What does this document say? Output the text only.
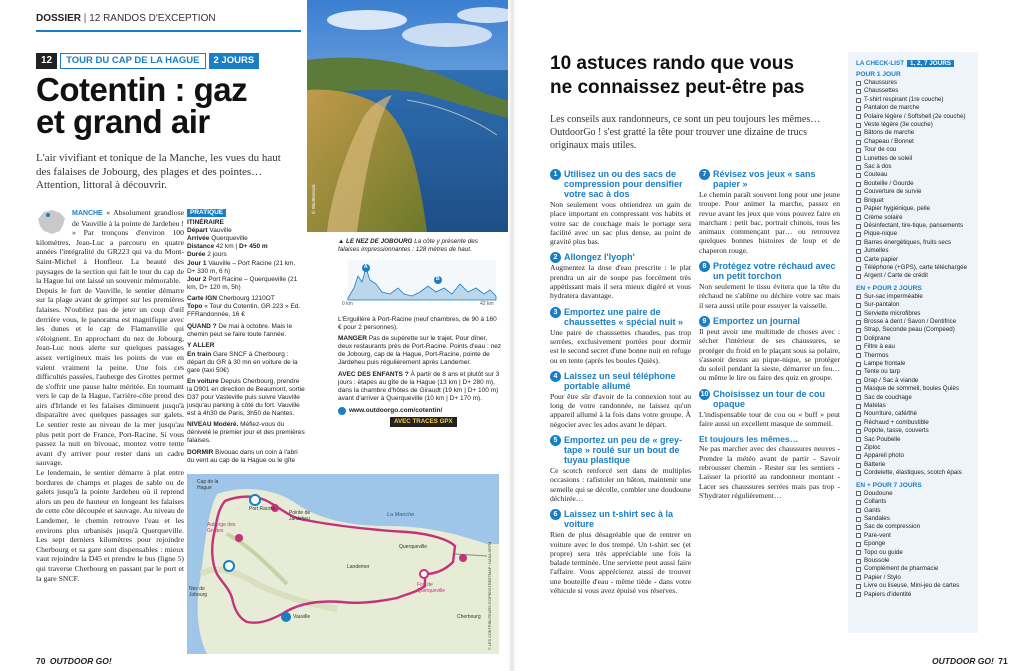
DOSSIER | 12 RANDOS D'EXCEPTION
12	TOUR DU CAP DE LA HAGUE	2 JOURS
Cotentin : gaz
et grand air
L'air vivifiant et tonique de la Manche, les vues du haut des falaises de Jobourg, des plages et des pointes… Attention, littoral à découvrir.	© Shutterstock
▲ LE NEZ DE JOBOURG La côte y présente des falaises impressionnantes : 128 mètres de haut.
A
B
0 km	42 km
MANCHE « Absolument grandiose de Vauville à la pointe de Jardeheu ! » Par tronçons d'environ 100 kilomètres, Jean-Luc a parcouru en quatre années l'intégralité du GR223 qui va du Mont-Saint-Michel à Honfleur. La beauté des paysages de la section qui fait le tour du cap de la Hague lui ont laissé un souvenir mémorable.
Depuis le fort de Vauville, le sentier démarre sur la plage avant de grimper sur les premières falaises. N'oubliez pas de jeter un coup d'œil derrière vous, le panorama est magnifique avec les dunes et le cap de Flamanville qui s'éloignent. En approchant du nez de Jobourg, Jean-Luc nous alerte sur quelques passages assez vertigineux mais les points de vue en valent vraiment la peine. Une fois ces difficultés passées, l'auberge des Grottes permet de s'offrir une pause halte méritée. En tournant vers le cap de la Hague, l'arrière-côte prend des airs d'Irlande et les falaises diminuent jusqu'à disparaître avec quelques passages sur galets. Le sentier reste au niveau de la mer jusqu'au plus petit port de France, Port-Racine. Si vous passez la nuit en bivouac, montez votre tente avant d'y arriver pour rester dans un cadre sauvage.
Le lendemain, le sentier démarre à plat entre bordures de champs et plages de sable ou de galets jusqu'à la pointe Jardeheu où il reprend alors un peu de hauteur en longeant les falaises de cette côte découpée et sauvage. Au niveau de Landemer, le chemin retrouve l'eau et les environs plus urbanisés jusqu'à Querqueville. Les sept derniers kilomètres pour rejoindre Cherbourg et sa gare sont dispensables : mieux vaut rejoindre la D45 et prendre le bus (ligne 5) qui traverse Cherbourg en passant par le port et la gare SNCF.
PRATIQUE
ITINÉRAIRE
Départ Vauville
Arrivée Querqueville
Distance 42 km | D+ 450 m
Durée 2 jours
Jour 1 Vauville – Port Racine (21 km, D+ 330 m, 6 h)
Jour 2 Port Racine – Querqueville (21 km, D+ 120 m, 5h)
Carte IGN Cherbourg 1210OT
Topo « Tour du Cotentin, GR 223 » Ed. FFRandonnée, 16 €
QUAND ? De mai à octobre. Mais le chemin peut se faire toute l'année.
Y ALLER
En train Gare SNCF à Cherbourg : départ du GR à 30 mn en voiture de la gare (taxi 50€)
En voiture Depuis Cherbourg, prendre la D901 en direction de Beaumont, sortie D37 pour Vasteville puis suivre Vauville jusqu'au parking à côté du fort. Vauville est à 4h30 de Paris, 3h50 de Nantes.
NIVEAU Modéré. Méfiez-vous du dénivelé le premier jour et des premières falaises.
DORMIR Bivouac dans un coin à l'abri du vent au cap de la Hague ou le gîte
L'Erguillère à Port-Racine (neuf chambres, de 90 à 160 € pour 2 personnes).
MANGER Pas de supérette sur le trajet. Pour dîner, deux restaurants près de Port-Racine. Points d'eau : nez de Jobourg, cap de la Hague, Port-Racine, pointe de Jardeheu puis régulièrement après Landemer.
AVEC DES ENFANTS ? À partir de 8 ans et plutôt sur 3 jours : étapes au gîte de la Hague (13 km | D+ 280 m), dans la chambre d'hôtes de Giraudt (19 km | D+ 100 m) avant d'arriver à Querqueville (10 km | D+ 170 m).
www.outdoorgo.com/cotentin/
AVEC TRACES GPX
Cap de la Hague
Port Racine
Pointe de Jardeheu
La Manche
Querqueville
Landemer
Fort de Querqueville
Nez de Jobourg
Auberge des Grottes
Vauville	Cherbourg © LES CONTRIBUTEURS D'OPENSTREETMAP / NASA SRTM
70 OUTDOOR GO!
10 astuces rando que vous
ne connaissez peut-être pas
Les conseils aux randonneurs, ce sont un peu toujours les mêmes… OutdoorGo ! s'est gratté la tête pour trouver une dizaine de trucs originaux mais utiles.
1 Utilisez un ou des sacs de compression pour densifier votre sac à dos
Non seulement vous obtiendrez un gain de place important en compressant vos habits et votre sac de couchage mais le portage sera facilité avec un sac plus dense, au point de gravité plus bas.
2 Allongez l'lyoph'
Augmentez la dose d'eau prescrite : le plat prendra un air de soupe pas forcément très appétissant mais il sera mieux digéré et vous hydratera davantage.
3 Emportez une paire de chaussettes « spécial nuit »
Une paire de chaussettes chaudes, pas trop serrées, exclusivement portées pour dormir est le second secret d'une bonne nuit en refuge ou en tente (après les boules Quiès).
4 Laissez un seul téléphone portable allumé
Pour être sûr d'avoir de la connexion tout au long de votre randonnée, ne laissez qu'un appareil allumé à la fois dans votre groupe. À négocier avec les ados avant le départ.
5 Emportez un peu de « grey-tape » roulé sur un bout de tuyau plastique
Ce scotch renforcé sert dans de multiples occasions : rafistoler un bâton, maintenir une semelle qui se décolle, combler une doudoune déchirée…
6 Laissez un t-shirt sec à la voiture
Rien de plus désagréable que de rentrer en voiture avec le dos trempé. Un t-shirt sec (et propre) sera très appréciable une fois la balade terminée. Une serviette peut aussi faire l'affaire. Vous apprécierez aussi de trouver une bouteille d'eau - même tiède - dans votre véhicule si vous avez épuisé vos réserves.
7 Révisez vos jeux « sans papier »
Le chemin paraît souvent long pour une jeune troupe. Pour animer la marche, passez en revue avant les jeux que vous pouvez faire en marchant : petit bac, portrait chinois, tous les animaux commençant par… ou retrouvez quelques bonnes histoires de loup et de chaperon rouge.
8 Protégez votre réchaud avec un petit torchon
Non seulement le tissu évitera que la tête du réchaud ne s'abîme ou déchire votre sac mais il sera aussi utile pour essuyer la vaisselle.
9 Emportez un journal
Il peut avoir une multitude de choses avec : sécher l'intérieur de ses chaussures, se protéger du froid en le plaçant sous sa polaire, s'asseoir dessus au pique-nique, se protéger du soleil pendant la sieste, démarrer un feu… ou même le lire ou faire des quiz en groupe.
10 Choisissez un tour de cou opaque
L'indispensable tour de cou ou « buff » peut faire aussi un excellent masque de sommeil.
Et toujours les mêmes…
Ne pas marcher avec des chaussures neuves - Prendre la météo avant de partir - Savoir rebrousser chemin - Rester sur les sentiers - Laisser la priorité au randonneur montant - Lacer ses chaussures serrées mais pas trop - S'hydrater régulièrement…
LA CHECK-LIST 1, 2, 7 JOURS
POUR 1 JOUR
Chaussures
Chaussettes
T-shirt respirant (1re couche)
Pantalon de marche
Polaire légère / Softshell (2e couche)
Veste légère (3e couche)
Bâtons de marche
Chapeau / Bonnet
Tour de cou
Lunettes de soleil
Sac à dos
Couteau
Bouteille / Gourde
Couverture de survie
Briquet
Papier hygiénique, pelle
Crème solaire
Désinfectant, tire-tique, pansements
Pique-nique
Barres énergétiques, fruits secs
Jumelles
Carte papier
Téléphone (+GPS), carte téléchargée
Argent / Carte de crédit
EN + POUR 2 JOURS
Sur-sac imperméable
Sur-pantalon
Serviette microfibres
Brosse à dent / Savon / Dentifrice
Strap, Seconde peau (Compeed)
Doliprane
Filtre à eau
Thermos
Lampe frontale
Tente ou tarp
Drap / Sac à viande
Masque de sommeil, boules Quiès
Sac de couchage
Matelas
Nourriture, café/thé
Réchaud + combustible
Popote, tasse, couverts
Sac Poubelle
Ziploc
Appareil photo
Batterie
Cordelette, élastiques, scotch épais
EN + POUR 7 JOURS
Doudoune
Collants
Gants
Sandales
Sac de compression
Pare-vent
Eponge
Topo ou guide
Boussole
Complément de pharmacie
Papier / Stylo
Livre ou liseuse, Mini-jeu de cartes
Papiers d'identité
OUTDOOR GO! 71
